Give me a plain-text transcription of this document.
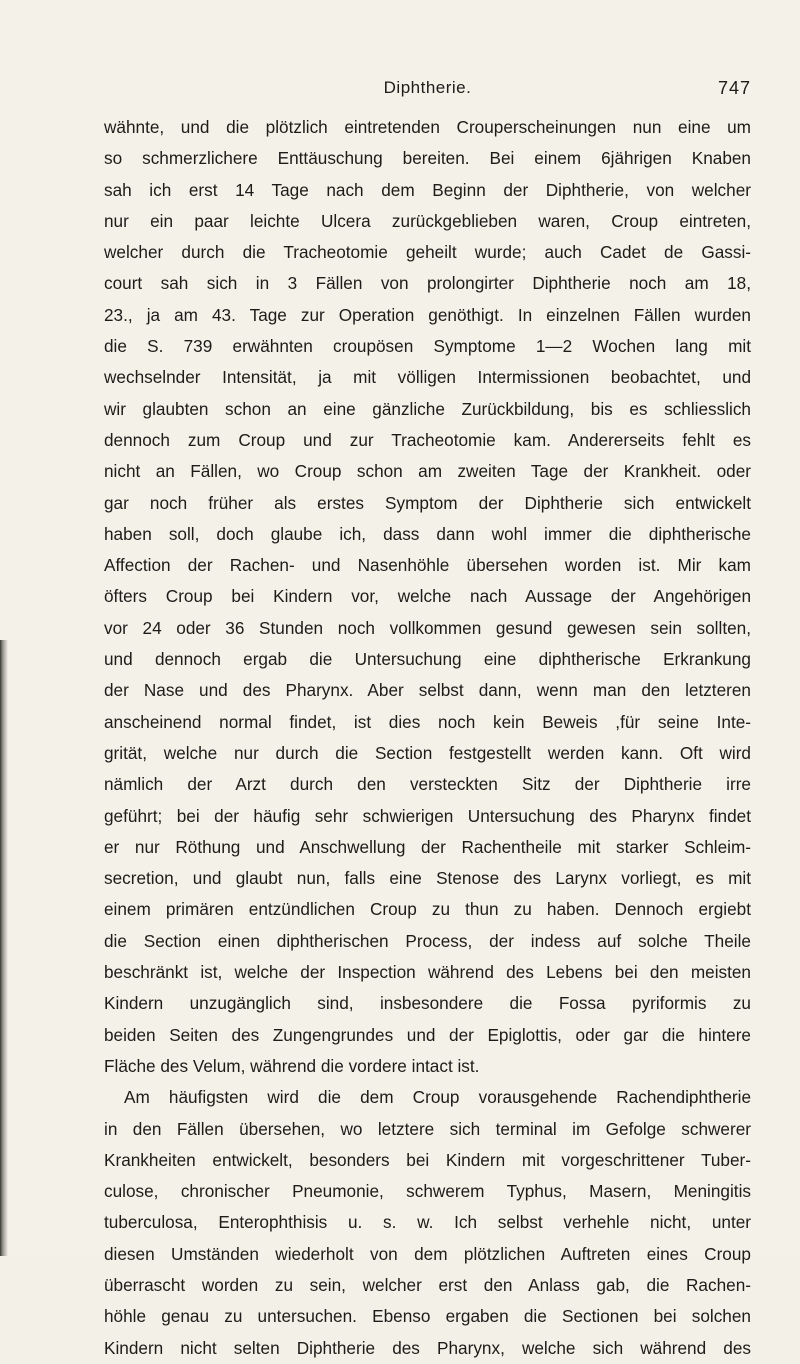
Diphtherie.	747
wähnte, und die plötzlich eintretenden Crouperscheinungen nun eine um
so schmerzlichere Enttäuschung bereiten. Bei einem 6jährigen Knaben
sah ich erst 14 Tage nach dem Beginn der Diphtherie, von welcher
nur ein paar leichte Ulcera zurückgeblieben waren, Croup eintreten,
welcher durch die Tracheotomie geheilt wurde; auch Cadet de Gassi-
court sah sich in 3 Fällen von prolongirter Diphtherie noch am 18,
23., ja am 43. Tage zur Operation genöthigt. In einzelnen Fällen wurden
die S. 739 erwähnten croupösen Symptome 1—2 Wochen lang mit
wechselnder Intensität, ja mit völligen Intermissionen beobachtet, und
wir glaubten schon an eine gänzliche Zurückbildung, bis es schliesslich
dennoch zum Croup und zur Tracheotomie kam. Andererseits fehlt es
nicht an Fällen, wo Croup schon am zweiten Tage der Krankheit. oder
gar noch früher als erstes Symptom der Diphtherie sich entwickelt
haben soll, doch glaube ich, dass dann wohl immer die diphtherische
Affection der Rachen- und Nasenhöhle übersehen worden ist. Mir kam
öfters Croup bei Kindern vor, welche nach Aussage der Angehörigen
vor 24 oder 36 Stunden noch vollkommen gesund gewesen sein sollten,
und dennoch ergab die Untersuchung eine diphtherische Erkrankung
der Nase und des Pharynx. Aber selbst dann, wenn man den letzteren
anscheinend normal findet, ist dies noch kein Beweis ,für seine Inte-
grität, welche nur durch die Section festgestellt werden kann. Oft wird
nämlich der Arzt durch den versteckten Sitz der Diphtherie irre
geführt; bei der häufig sehr schwierigen Untersuchung des Pharynx findet
er nur Röthung und Anschwellung der Rachentheile mit starker Schleim-
secretion, und glaubt nun, falls eine Stenose des Larynx vorliegt, es mit
einem primären entzündlichen Croup zu thun zu haben. Dennoch ergiebt
die Section einen diphtherischen Process, der indess auf solche Theile
beschränkt ist, welche der Inspection während des Lebens bei den meisten
Kindern unzugänglich sind, insbesondere die Fossa pyriformis zu
beiden Seiten des Zungengrundes und der Epiglottis, oder gar die hintere
Fläche des Velum, während die vordere intact ist.
Am häufigsten wird die dem Croup vorausgehende Rachendiphtherie
in den Fällen übersehen, wo letztere sich terminal im Gefolge schwerer
Krankheiten entwickelt, besonders bei Kindern mit vorgeschrittener Tuber-
culose, chronischer Pneumonie, schwerem Typhus, Masern, Meningitis
tuberculosa, Enterophthisis u. s. w. Ich selbst verhehle nicht, unter
diesen Umständen wiederholt von dem plötzlichen Auftreten eines Croup
überrascht worden zu sein, welcher erst den Anlass gab, die Rachen-
höhle genau zu untersuchen. Ebenso ergaben die Sectionen bei solchen
Kindern nicht selten Diphtherie des Pharynx, welche sich während des
